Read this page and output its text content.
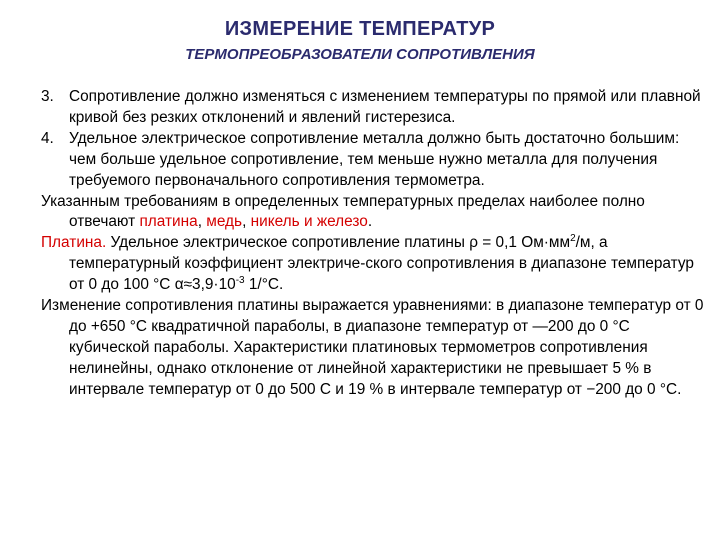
ИЗМЕРЕНИЕ ТЕМПЕРАТУР
ТЕРМОПРЕОБРАЗОВАТЕЛИ СОПРОТИВЛЕНИЯ

3. Сопротивление должно изменяться с изменением температуры по прямой или плавной кривой без резких отклонений и явлений гистерезиса.

4. Удельное электрическое сопротивление металла должно быть достаточно большим: чем больше удельное сопротивление, тем меньше нужно металла для получения требуемого первоначального сопротивления термометра.

Указанным требованиям в определенных температурных пределах наиболее полно отвечают платина, медь, никель и железо.

Платина. Удельное электрическое сопротивление платины ρ = 0,1 $Ом\cdot мм^2/м$, а температурный коэффициент электриче-ского сопротивления в диапазоне температур от 0 до 100 °С $\alpha\approx 3,9\cdot 10^{-3}$ 1/°С.

Изменение сопротивления платины выражается уравнениями: в диапазоне температур от 0 до +650 °С квадратичной параболы, в диапазоне температур от —200 до 0 °С кубической параболы. Характеристики платиновых термометров сопротивления нелинейны, однако отклонение от линейной характеристики не превышает 5 % в интервале температур от 0 до 500 С и 19 % в интервале температур от −200 до 0 °С.
